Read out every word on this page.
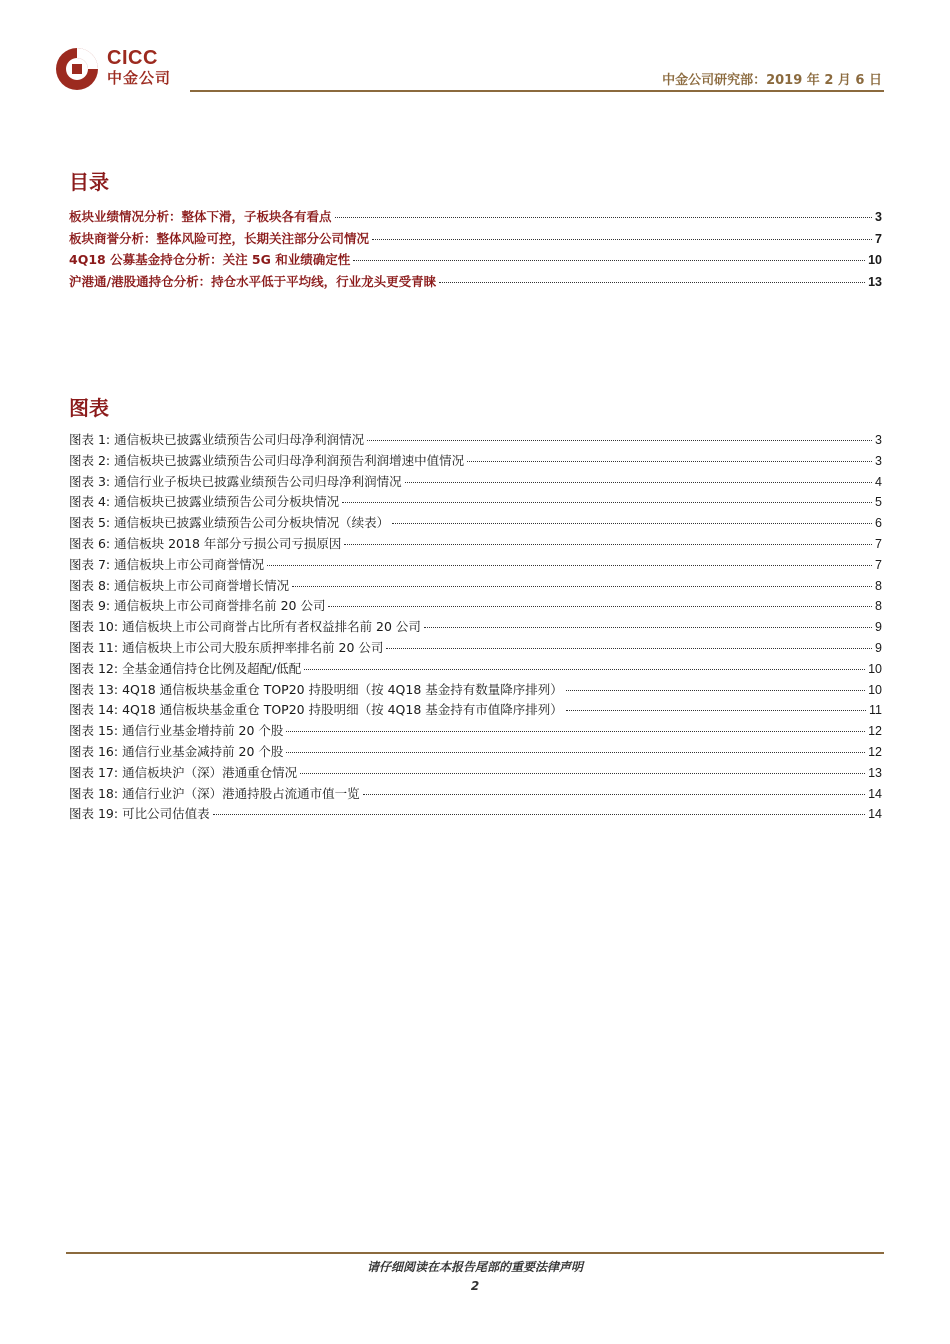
CICC
中金公司	中金公司研究部：2019 年 2 月 6 日
目录
板块业绩情况分析：整体下滑，子板块各有看点	3
板块商誉分析：整体风险可控，长期关注部分公司情况	7
4Q18 公募基金持仓分析：关注 5G 和业绩确定性	10
沪港通/港股通持仓分析：持仓水平低于平均线，行业龙头更受青睐	13
图表
图表 1: 通信板块已披露业绩预告公司归母净利润情况	3
图表 2: 通信板块已披露业绩预告公司归母净利润预告利润增速中值情况	3
图表 3: 通信行业子板块已披露业绩预告公司归母净利润情况	4
图表 4: 通信板块已披露业绩预告公司分板块情况	5
图表 5: 通信板块已披露业绩预告公司分板块情况（续表）	6
图表 6: 通信板块 2018 年部分亏损公司亏损原因	7
图表 7: 通信板块上市公司商誉情况	7
图表 8: 通信板块上市公司商誉增长情况	8
图表 9: 通信板块上市公司商誉排名前 20 公司	8
图表 10: 通信板块上市公司商誉占比所有者权益排名前 20 公司	9
图表 11: 通信板块上市公司大股东质押率排名前 20 公司	9
图表 12: 全基金通信持仓比例及超配/低配	10
图表 13: 4Q18 通信板块基金重仓 TOP20 持股明细（按 4Q18 基金持有数量降序排列）	10
图表 14: 4Q18 通信板块基金重仓 TOP20 持股明细（按 4Q18 基金持有市值降序排列）	11
图表 15: 通信行业基金增持前 20 个股	12
图表 16: 通信行业基金减持前 20 个股	12
图表 17: 通信板块沪（深）港通重仓情况	13
图表 18: 通信行业沪（深）港通持股占流通市值一览	14
图表 19: 可比公司估值表	14
请仔细阅读在本报告尾部的重要法律声明
2
